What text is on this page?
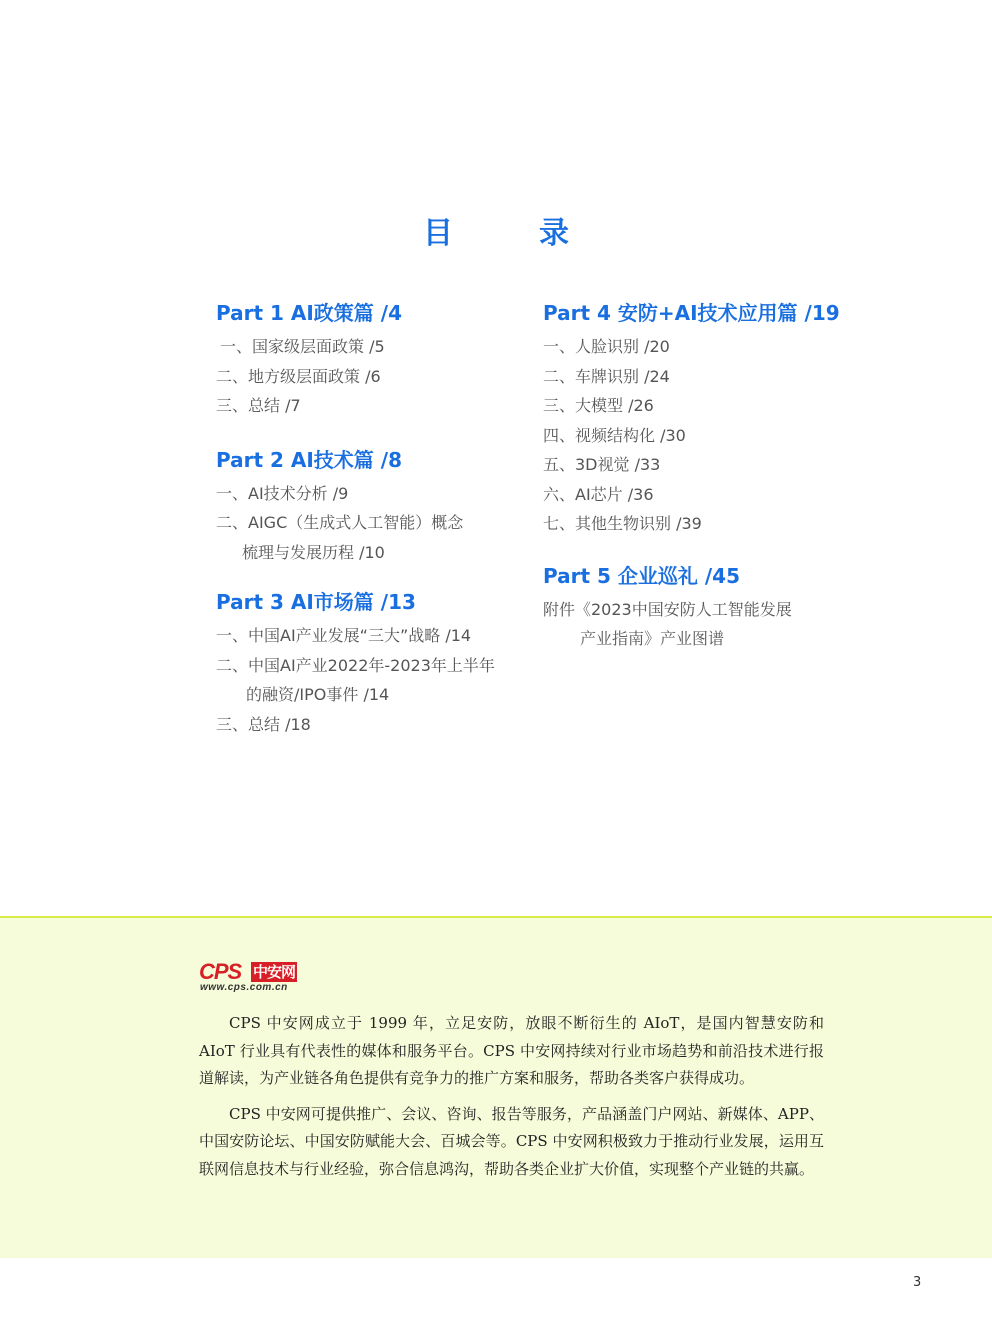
目　录
Part 1 AI政策篇 /4
一、国家级层面政策 /5
二、地方级层面政策 /6
三、总结 /7
Part 2 AI技术篇 /8
一、AI技术分析 /9
二、AIGC（生成式人工智能）概念
梳理与发展历程 /10
Part 3 AI市场篇 /13
一、中国AI产业发展“三大”战略 /14
二、中国AI产业2022年-2023年上半年
的融资/IPO事件 /14
三、总结 /18
Part 4 安防+AI技术应用篇 /19
一、人脸识别 /20
二、车牌识别 /24
三、大模型 /26
四、视频结构化 /30
五、3D视觉 /33
六、AI芯片 /36
七、其他生物识别 /39
Part 5 企业巡礼 /45
附件《2023中国安防人工智能发展
产业指南》产业图谱
CPS 中安网
www.cps.com.cn

CPS 中安网成立于 1999 年，立足安防，放眼不断衍生的 AIoT，是国内智慧安防和 AIoT 行业具有代表性的媒体和服务平台。CPS 中安网持续对行业市场趋势和前沿技术进行报道解读，为产业链各角色提供有竞争力的推广方案和服务，帮助各类客户获得成功。

CPS 中安网可提供推广、会议、咨询、报告等服务，产品涵盖门户网站、新媒体、APP、中国安防论坛、中国安防赋能大会、百城会等。CPS 中安网积极致力于推动行业发展，运用互联网信息技术与行业经验，弥合信息鸿沟，帮助各类企业扩大价值，实现整个产业链的共赢。

3
